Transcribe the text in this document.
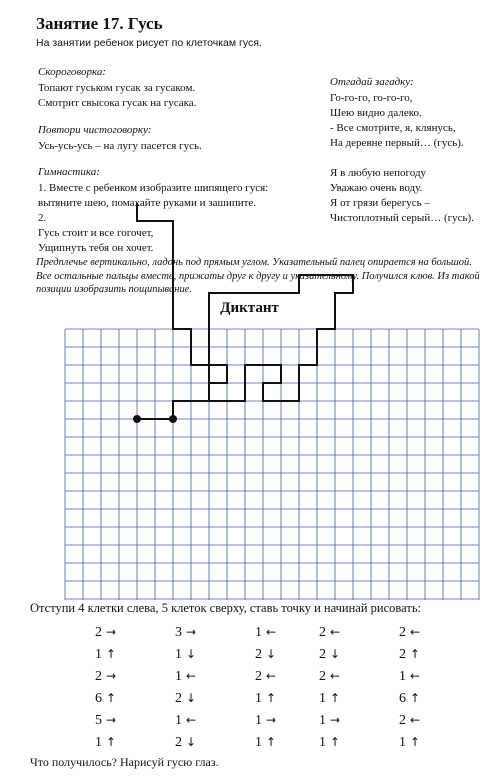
Занятие 17. Гусь
На занятии ребенок рисует по клеточкам гуся.
Скороговорка:
Топают гуськом гусак за гусаком.
Смотрит свысока гусак на гусака.
Повтори чистоговорку:
Усь-усь-усь – на лугу пасется гусь.
Гимнастика:
1. Вместе с ребенком изобразите шипящего гуся:
вытяните шею, помахайте руками и зашипите.
2.
Гусь стоит и все гогочет,
Ущипнуть тебя он хочет.
Отгадай загадку:
Го-го-го, го-го-го,
Шею видно далеко.
- Все смотрите, я, клянусь,
На деревне первый… (гусь).
Я в любую непогоду
Уважаю очень воду.
Я от грязи берегусь –
Чистоплотный серый… (гусь).
Предплечье вертикально, ладонь под прямым углом. Указательный палец опирается на большой. Все остальные пальцы вместе, прижаты друг к другу и указательному. Получился клюв. Из такой позиции изобразить пощипывание.
Диктант
Отступи 4 клетки слева, 5 клеток сверху, ставь точку и начинай рисовать:
2 →
1 ↑
2 →
6 ↑
5 →
1 ↑
3 →
1 ↓
1 ←
2 ↓
1 ←
2 ↓
1 ←
2 ↓
2 ←
1 ↑
1 →
1 ↑
2 ←
2 ↓
2 ←
1 ↑
1 →
1 ↑
2 ←
2 ↑
1 ←
6 ↑
2 ←
1 ↑
Что получилось? Нарисуй гусю глаз.
